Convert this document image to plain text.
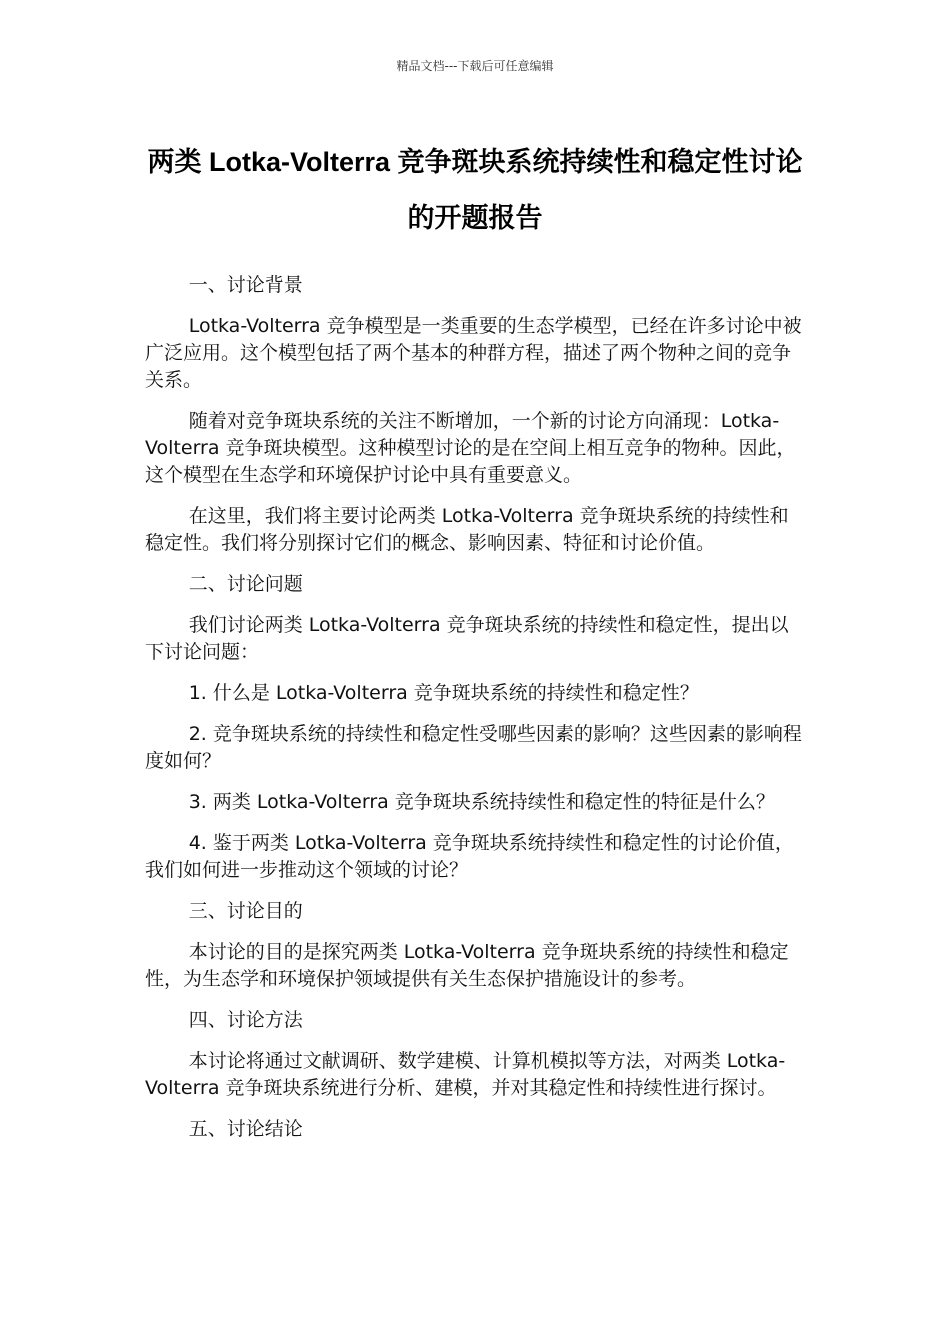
精品文档---下载后可任意编辑
两类 Lotka-Volterra 竞争斑块系统持续性和稳定性讨论的开题报告

一、讨论背景

Lotka-Volterra 竞争模型是一类重要的生态学模型，已经在许多讨论中被广泛应用。这个模型包括了两个基本的种群方程，描述了两个物种之间的竞争关系。

随着对竞争斑块系统的关注不断增加，一个新的讨论方向涌现：Lotka-Volterra 竞争斑块模型。这种模型讨论的是在空间上相互竞争的物种。因此，这个模型在生态学和环境保护讨论中具有重要意义。

在这里，我们将主要讨论两类 Lotka-Volterra 竞争斑块系统的持续性和稳定性。我们将分别探讨它们的概念、影响因素、特征和讨论价值。

二、讨论问题

我们讨论两类 Lotka-Volterra 竞争斑块系统的持续性和稳定性，提出以下讨论问题：

1. 什么是 Lotka-Volterra 竞争斑块系统的持续性和稳定性？

2. 竞争斑块系统的持续性和稳定性受哪些因素的影响？这些因素的影响程度如何？

3. 两类 Lotka-Volterra 竞争斑块系统持续性和稳定性的特征是什么？

4. 鉴于两类 Lotka-Volterra 竞争斑块系统持续性和稳定性的讨论价值，我们如何进一步推动这个领域的讨论？

三、讨论目的

本讨论的目的是探究两类 Lotka-Volterra 竞争斑块系统的持续性和稳定性，为生态学和环境保护领域提供有关生态保护措施设计的参考。

四、讨论方法

本讨论将通过文献调研、数学建模、计算机模拟等方法，对两类 Lotka-Volterra 竞争斑块系统进行分析、建模，并对其稳定性和持续性进行探讨。

五、讨论结论
